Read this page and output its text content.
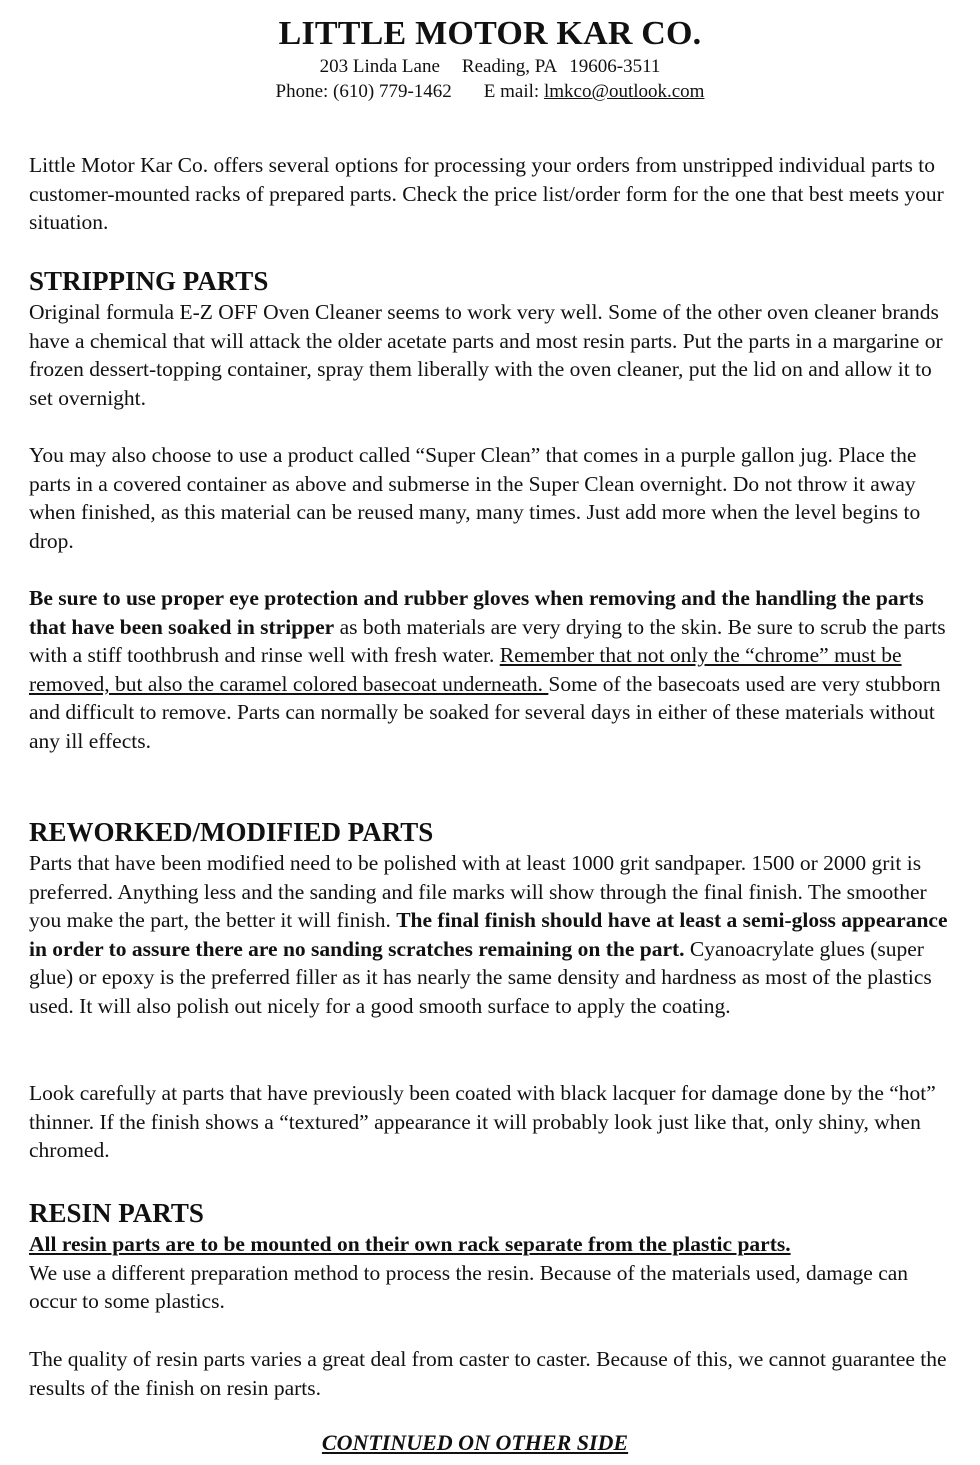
LITTLE MOTOR KAR CO.
203 Linda Lane Reading, PA 19606-3511
Phone: (610) 779-1462 E mail: lmkco@outlook.com

Little Motor Kar Co. offers several options for processing your orders from unstripped individual parts to customer-mounted racks of prepared parts. Check the price list/order form for the one that best meets your situation.

STRIPPING PARTS

Original formula E-Z OFF Oven Cleaner seems to work very well. Some of the other oven cleaner brands have a chemical that will attack the older acetate parts and most resin parts. Put the parts in a margarine or frozen dessert-topping container, spray them liberally with the oven cleaner, put the lid on and allow it to set overnight.

You may also choose to use a product called “Super Clean” that comes in a purple gallon jug. Place the parts in a covered container as above and submerse in the Super Clean overnight. Do not throw it away when finished, as this material can be reused many, many times. Just add more when the level begins to drop.

Be sure to use proper eye protection and rubber gloves when removing and the handling the parts that have been soaked in stripper as both materials are very drying to the skin. Be sure to scrub the parts with a stiff toothbrush and rinse well with fresh water. Remember that not only the “chrome” must be removed, but also the caramel colored basecoat underneath. Some of the basecoats used are very stubborn and difficult to remove. Parts can normally be soaked for several days in either of these materials without any ill effects.

REWORKED/MODIFIED PARTS

Parts that have been modified need to be polished with at least 1000 grit sandpaper. 1500 or 2000 grit is preferred. Anything less and the sanding and file marks will show through the final finish. The smoother you make the part, the better it will finish. The final finish should have at least a semi-gloss appearance in order to assure there are no sanding scratches remaining on the part. Cyanoacrylate glues (super glue) or epoxy is the preferred filler as it has nearly the same density and hardness as most of the plastics used. It will also polish out nicely for a good smooth surface to apply the coating.

Look carefully at parts that have previously been coated with black lacquer for damage done by the “hot” thinner. If the finish shows a “textured” appearance it will probably look just like that, only shiny, when chromed.

RESIN PARTS

All resin parts are to be mounted on their own rack separate from the plastic parts.
We use a different preparation method to process the resin. Because of the materials used, damage can occur to some plastics.

The quality of resin parts varies a great deal from caster to caster. Because of this, we cannot guarantee the results of the finish on resin parts.

CONTINUED ON OTHER SIDE
